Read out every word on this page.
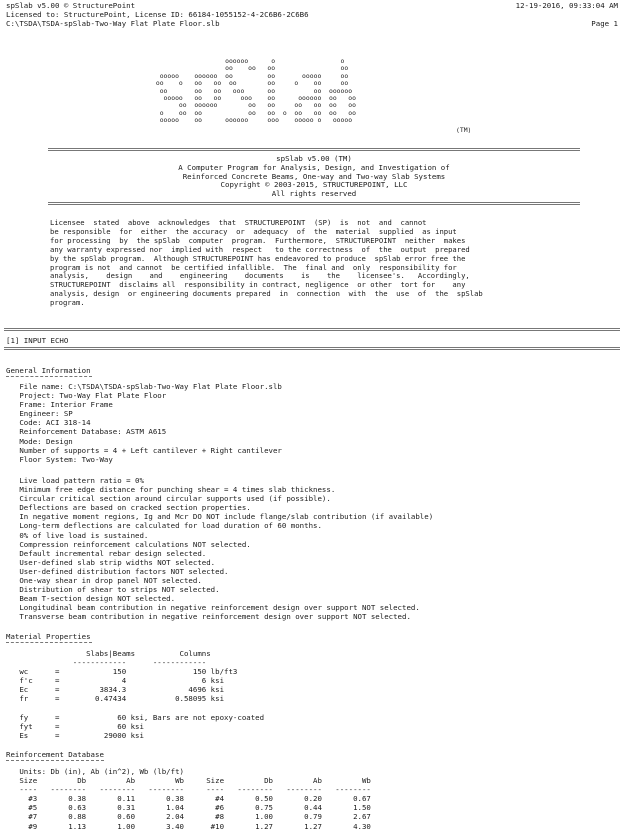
spSlab v5.00 © StructurePoint
Licensed to: StructurePoint, License ID: 66184-1055152-4-2C6B6-2C6B6
C:\TSDA\TSDA-spSlab-Two-Way Flat Plate Floor.slb
12-19-2016, 09:33:04 AM
Page 1
oooooo      o                 o
oo    oo   oo                 oo
ooooo    oooooo  oo         oo       ooooo     oo
oo    o   oo   oo  oo        oo     o    oo     oo
oo       oo   oo   ooo      oo          oo  oooooo
ooooo   oo   oo     ooo    oo      oooooo  oo   oo
oo  oooooo        oo   oo     oo   oo  oo   oo
o    oo  oo            oo   oo  o  oo   oo  oo   oo
ooooo    oo      oooooo     ooo    ooooo o   ooooo
(TM)
spSlab v5.00 (TM)
A Computer Program for Analysis, Design, and Investigation of
Reinforced Concrete Beams, One-way and Two-way Slab Systems
Copyright © 2003-2015, STRUCTUREPOINT, LLC
All rights reserved
Licensee  stated  above  acknowledges  that  STRUCTUREPOINT  (SP)  is  not  and  cannot
be responsible  for  either  the accuracy  or  adequacy  of  the  material  supplied  as input
for processing  by  the spSlab  computer  program.  Furthermore,  STRUCTUREPOINT  neither  makes
any warranty expressed nor  implied with  respect   to the correctness  of  the  output  prepared
by the spSlab program.  Although STRUCTUREPOINT has endeavored to produce  spSlab error free the
program is not  and cannot  be certified infallible.  The  final and  only  responsibility for
analysis,    design    and    engineering    documents    is    the    licensee's.   Accordingly,
STRUCTUREPOINT  disclaims all  responsibility in contract, negligence  or other  tort for    any
analysis, design  or engineering documents prepared  in  connection  with  the  use  of  the  spSlab
program.
[1] INPUT ECHO
General Information
File name: C:\TSDA\TSDA-spSlab-Two-Way Flat Plate Floor.slb
Project: Two-Way Flat Plate Floor
Frame: Interior Frame
Engineer: SP
Code: ACI 318-14
Reinforcement Database: ASTM A615
Mode: Design
Number of supports = 4 + Left cantilever + Right cantilever
Floor System: Two-Way
Live load pattern ratio = 0%
Minimum free edge distance for punching shear = 4 times slab thickness.
Circular critical section around circular supports used (if possible).
Deflections are based on cracked section properties.
In negative moment regions, Ig and Mcr DO NOT include flange/slab contribution (if available)
Long-term deflections are calculated for load duration of 60 months.
0% of live load is sustained.
Compression reinforcement calculations NOT selected.
Default incremental rebar design selected.
User-defined slab strip widths NOT selected.
User-defined distribution factors NOT selected.
One-way shear in drop panel NOT selected.
Distribution of shear to strips NOT selected.
Beam T-section design NOT selected.
Longitudinal beam contribution in negative reinforcement design over support NOT selected.
Transverse beam contribution in negative reinforcement design over support NOT selected.
Material Properties
Slabs|Beams          Columns
------------      ------------
wc      =            150               150 lb/ft3
f'c     =              4                 6 ksi
Ec      =         3834.3              4696 ksi
fr      =        0.47434           0.58095 ksi

fy      =             60 ksi, Bars are not epoxy-coated
fyt     =             60 ksi
Es      =          29000 ksi
Reinforcement Database
Units: Db (in), Ab (in^2), Wb (lb/ft)
Size         Db         Ab         Wb     Size         Db         Ab         Wb
----   --------   --------   --------     ----   --------   --------   --------
#3       0.38       0.11       0.38       #4       0.50       0.20       0.67
#5       0.63       0.31       1.04       #6       0.75       0.44       1.50
#7       0.88       0.60       2.04       #8       1.00       0.79       2.67
#9       1.13       1.00       3.40      #10       1.27       1.27       4.30
